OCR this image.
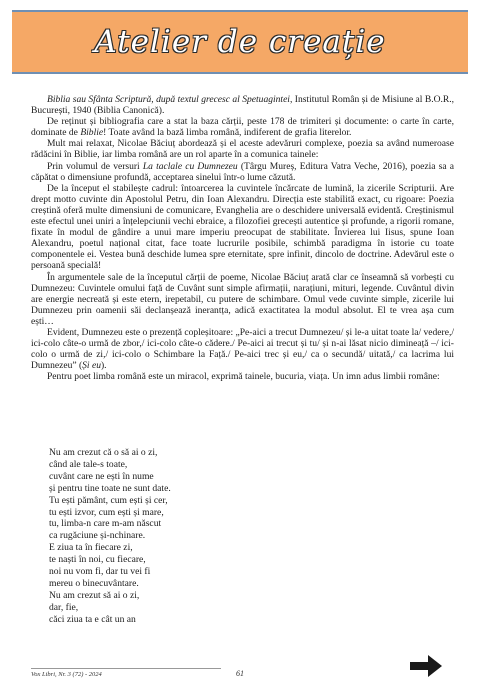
Atelier de creație

Biblia sau Sfânta Scriptură, după textul grecesc al Spetuagintei, Institutul Român și de Misiune al B.O.R., București, 1940 (Biblia Canonică).

De reținut și bibliografia care a stat la baza cărții, peste 178 de trimiteri și documente: o carte în carte, dominate de Biblie! Toate având la bază limba română, indiferent de grafia literelor.

Mult mai relaxat, Nicolae Băciuț abordează și el aceste adevăruri complexe, poezia sa având numeroase rădăcini în Biblie, iar limba română are un rol aparte în a comunica tainele:

Prin volumul de versuri La taclale cu Dumnezeu (Târgu Mureș, Editura Vatra Veche, 2016), poezia sa a căpătat o dimensiune profundă, acceptarea sinelui într-o lume căzută.

De la început el stabilește cadrul: întoarcerea la cuvintele încărcate de lumină, la zicerile Scripturii. Are drept motto cuvinte din Apostolul Petru, din Ioan Alexandru. Direcția este stabilită exact, cu rigoare: Poezia creștină oferă multe dimensiuni de comunicare, Evanghelia are o deschidere universală evidentă. Creștinismul este efectul unei uniri a înțelepciunii vechi ebraice, a filozofiei grecești autentice și profunde, a rigorii romane, fixate în modul de gândire a unui mare imperiu preocupat de stabilitate. Învierea lui Iisus, spune Ioan Alexandru, poetul național citat, face toate lucrurile posibile, schimbă paradigma în istorie cu toate componentele ei. Vestea bună deschide lumea spre eternitate, spre infinit, dincolo de doctrine. Adevărul este o persoană specială!

În argumentele sale de la începutul cărții de poeme, Nicolae Băciuț arată clar ce înseamnă să vorbești cu Dumnezeu: Cuvintele omului față de Cuvânt sunt simple afirmații, narațiuni, mituri, legende. Cuvântul divin are energie necreată și este etern, irepetabil, cu putere de schimbare. Omul vede cuvinte simple, zicerile lui Dumnezeu prin oamenii săi declanșează inerantța, adică exactitatea la modul absolut. El te vrea așa cum ești…

Evident, Dumnezeu este o prezență copleșitoare: „Pe-aici a trecut Dumnezeu/ și le-a uitat toate la/ vedere,/ ici-colo câte-o urmă de zbor,/ ici-colo câte-o cădere./ Pe-aici ai trecut și tu/ și n-ai lăsat nicio dimineață –/ ici-colo o urmă de zi,/ ici-colo o Schimbare la Față./ Pe-aici trec și eu,/ ca o secundă/ uitată,/ ca lacrima lui Dumnezeu” (Și eu).

Pentru poet limba română este un miracol, exprimă tainele, bucuria, viața. Un imn adus limbii române:

Nu am crezut că o să ai o zi,
când ale tale-s toate,
cuvânt care ne ești în nume
și pentru tine toate ne sunt date.
Tu ești pământ, cum ești și cer,
tu ești izvor, cum ești și mare,
tu, limba-n care m-am născut
ca rugăciune și-nchinare.
E ziua ta în fiecare zi,
te naști în noi, cu fiecare,
noi nu vom fi, dar tu vei fi
mereu o binecuvântare.
Nu am crezut să ai o zi,
dar, fie,
căci ziua ta e cât un an
Vox Libri, Nr. 3 (72) - 2024	61
